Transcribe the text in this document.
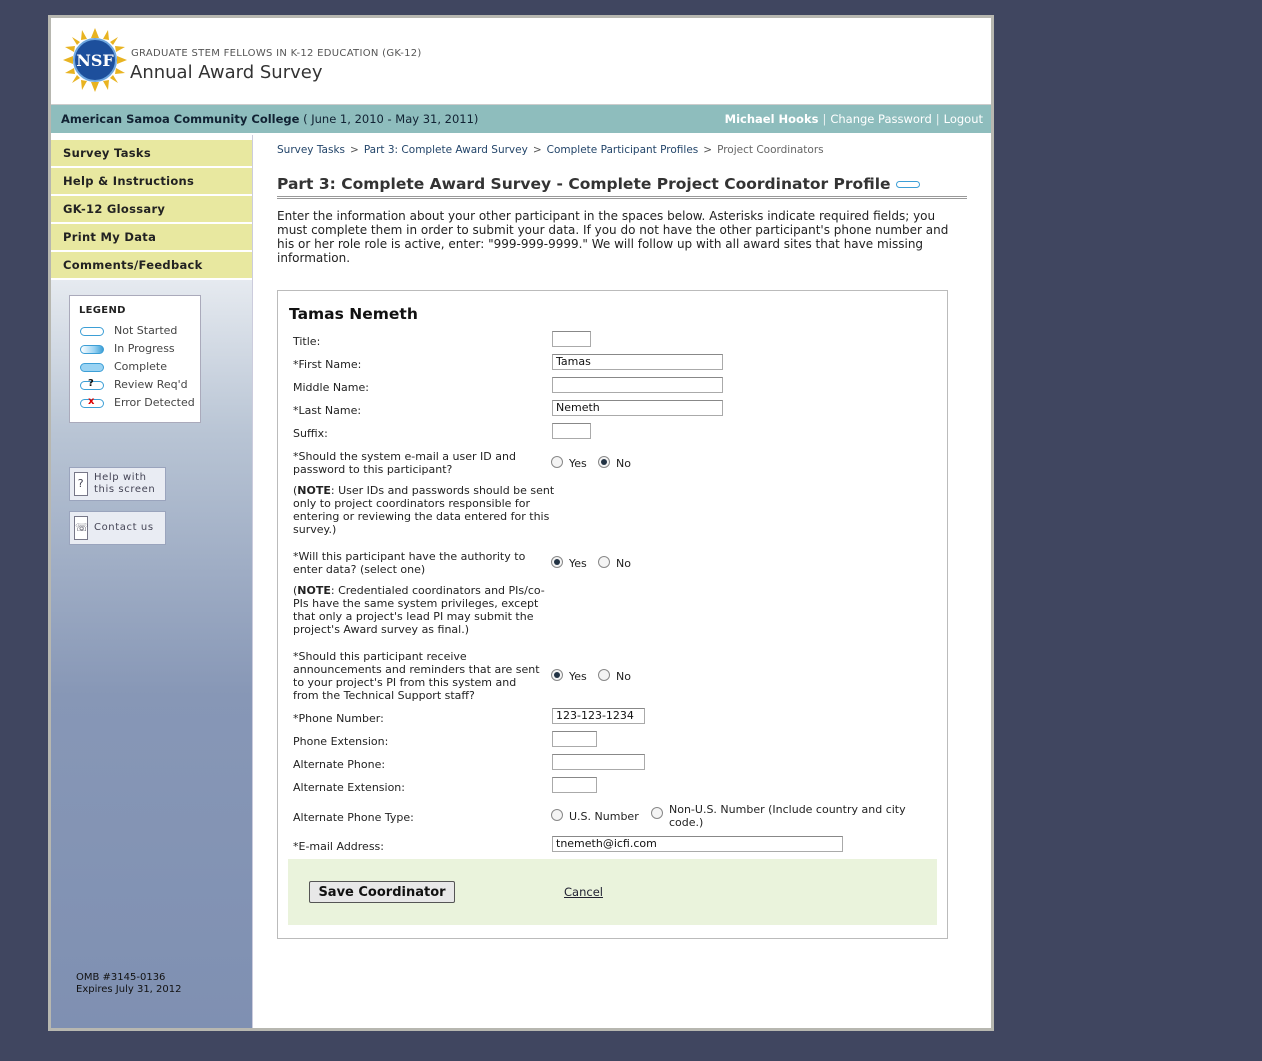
NSF GRADUATE STEM FELLOWS IN K-12 EDUCATION (GK-12)
Annual Award Survey
American Samoa Community College ( June 1, 2010 - May 31, 2011)	Michael Hooks | Change Password | Logout
Survey Tasks
Help & Instructions
GK-12 Glossary
Print My Data
Comments/Feedback
LEGEND
Not Started
In Progress
Complete
? Review Req'd
x Error Detected
? Help with
this screen
☏ Contact us
OMB #3145-0136
Expires July 31, 2012
Survey Tasks > Part 3: Complete Award Survey > Complete Participant Profiles > Project Coordinators
Part 3: Complete Award Survey - Complete Project Coordinator Profile
Enter the information about your other participant in the spaces below. Asterisks indicate required fields; you must complete them in order to submit your data. If you do not have the other participant's phone number and his or her role role is active, enter: "999-999-9999." We will follow up with all award sites that have missing information.
Tamas Nemeth
Title:
*First Name:	Tamas
Middle Name:
*Last Name:	Nemeth
Suffix:
*Should the system e-mail a user ID and password to this participant?	Yes	No
(NOTE: User IDs and passwords should be sent only to project coordinators responsible for entering or reviewing the data entered for this survey.)
*Will this participant have the authority to enter data? (select one)	Yes	No
(NOTE: Credentialed coordinators and PIs/co-PIs have the same system privileges, except that only a project's lead PI may submit the project's Award survey as final.)
*Should this participant receive announcements and reminders that are sent to your project's PI from this system and from the Technical Support staff?
Yes	No
*Phone Number:	123-123-1234
Phone Extension:
Alternate Phone:
Alternate Extension:
Alternate Phone Type:	U.S. Number
Non-U.S. Number (Include country and city code.)
*E-mail Address:	tnemeth@icfi.com
Save Coordinator	Cancel
